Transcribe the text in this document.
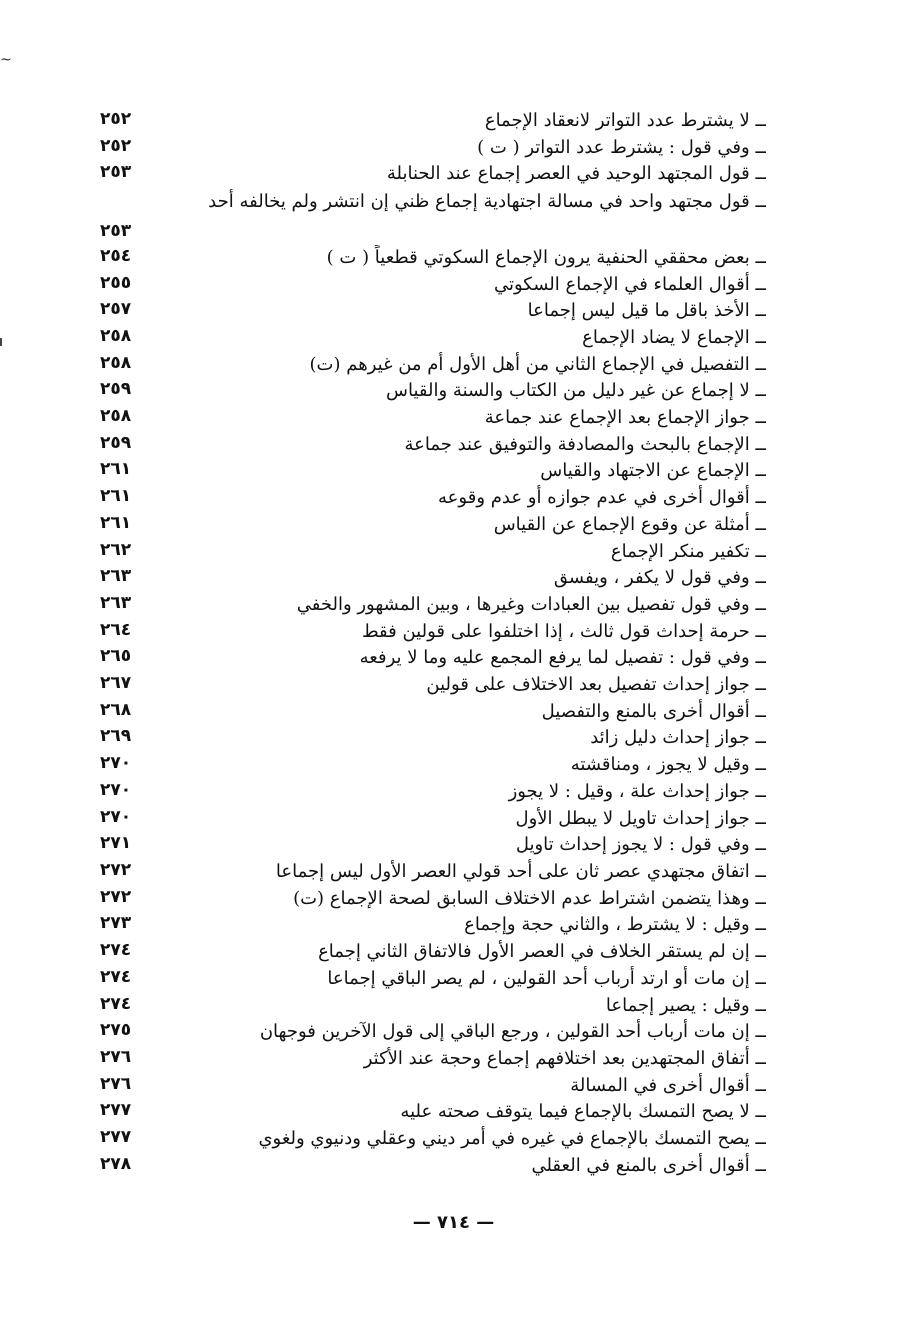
~
ــ لا يشترط عدد التواتر لانعقاد الإجماع
٢٥٢
ــ وفي قول : يشترط عدد التواتر ( ت )
٢٥٢
ــ قول المجتهد الوحيد في العصر إجماع عند الحنابلة
٢٥٣
ــ قول مجتهد واحد في مسالة اجتهادية إجماع ظني إن انتشر ولم يخالفه أحد
٢٥٣
ــ بعض محققي الحنفية يرون الإجماع السكوتي قطعياً ( ت )
٢٥٤
ــ أقوال العلماء في الإجماع السكوتي
٢٥٥
ــ الأخذ باقل ما قيل ليس إجماعا
٢٥٧
ــ الإجماع لا يضاد الإجماع
٢٥٨
ــ التفصيل في الإجماع الثاني من أهل الأول أم من غيرهم (ت)
٢٥٨
ــ لا إجماع عن غير دليل من الكتاب والسنة والقياس
٢٥٩
ــ جواز الإجماع بعد الإجماع عند جماعة
٢٥٨
ــ الإجماع بالبحث والمصادفة والتوفيق عند جماعة
٢٥٩
ــ الإجماع عن الاجتهاد والقياس
٢٦١
ــ أقوال أخرى في عدم جوازه أو عدم وقوعه
٢٦١
ــ أمثلة عن وقوع الإجماع عن القياس
٢٦١
ــ تكفير منكر الإجماع
٢٦٢
ــ وفي قول لا يكفر ، ويفسق
٢٦٣
ــ وفي قول تفصيل بين العبادات وغيرها ، وبين المشهور والخفي
٢٦٣
ــ حرمة إحداث قول ثالث ، إذا اختلفوا على قولين فقط
٢٦٤
ــ وفي قول : تفصيل لما يرفع المجمع عليه وما لا يرفعه
٢٦٥
ــ جواز إحداث تفصيل بعد الاختلاف على قولين
٢٦٧
ــ أقوال أخرى بالمنع والتفصيل
٢٦٨
ــ جواز إحداث دليل زائد
٢٦٩
ــ وقيل لا يجوز ، ومناقشته
٢٧٠
ــ جواز إحداث علة ، وقيل : لا يجوز
٢٧٠
ــ جواز إحداث تاويل لا يبطل الأول
٢٧٠
ــ وفي قول : لا يجوز إحداث تاويل
٢٧١
ــ اتفاق مجتهدي عصر ثان على أحد قولي العصر الأول ليس إجماعا
٢٧٢
ــ وهذا يتضمن اشتراط عدم الاختلاف السابق لصحة الإجماع (ت)
٢٧٢
ــ وقيل : لا يشترط ، والثاني حجة وإجماع
٢٧٣
ــ إن لم يستقر الخلاف في العصر الأول فالاتفاق الثاني إجماع
٢٧٤
ــ إن مات أو ارتد أرباب أحد القولين ، لم يصر الباقي إجماعا
٢٧٤
ــ وقيل : يصير إجماعا
٢٧٤
ــ إن مات أرباب أحد القولين ، ورجع الباقي إلى قول الآخرين فوجهان
٢٧٥
ــ أتفاق المجتهدين بعد اختلافهم إجماع وحجة عند الأكثر
٢٧٦
ــ أقوال أخرى في المسالة
٢٧٦
ــ لا يصح التمسك بالإجماع فيما يتوقف صحته عليه
٢٧٧
ــ يصح التمسك بالإجماع في غيره في أمر ديني وعقلي ودنيوي ولغوي
٢٧٧
ــ أقوال أخرى بالمنع في العقلي
٢٧٨
— ٧١٤ —
